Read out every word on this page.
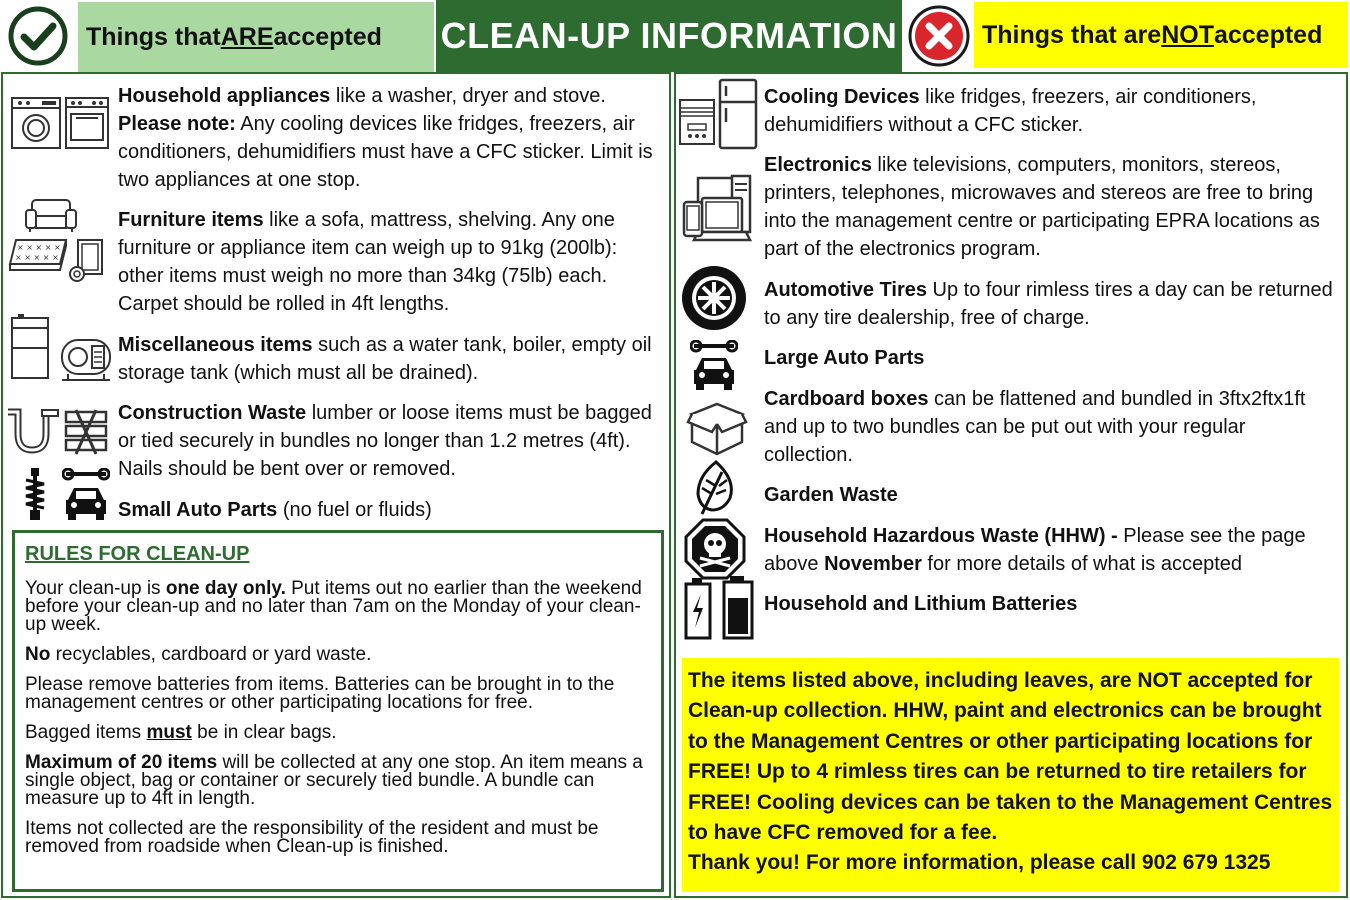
Things that ARE accepted CLEAN-UP INFORMATION	Things that are NOT accepted
Household appliances like a washer, dryer and stove. Please note: Any cooling devices like fridges, freezers, air conditioners, dehumidifiers must have a CFC sticker. Limit is two appliances at one stop.
× × × × ×
× × × × ×
Furniture items like a sofa, mattress, shelving. Any one furniture or appliance item can weigh up to 91kg (200lb): other items must weigh no more than 34kg (75lb) each. Carpet should be rolled in 4ft lengths.
Miscellaneous items such as a water tank, boiler, empty oil storage tank (which must all be drained).
Construction Waste lumber or loose items must be bagged or tied securely in bundles no longer than 1.2 metres (4ft). Nails should be bent over or removed.
Small Auto Parts (no fuel or fluids)
RULES FOR CLEAN-UP

Your clean-up is one day only. Put items out no earlier than the weekend before your clean-up and no later than 7am on the Monday of your clean-up week.

No recyclables, cardboard or yard waste.

Please remove batteries from items. Batteries can be brought in to the management centres or other participating locations for free.

Bagged items must be in clear bags.

Maximum of 20 items will be collected at any one stop. An item means a single object, bag or container or securely tied bundle. A bundle can measure up to 4ft in length.

Items not collected are the responsibility of the resident and must be removed from roadside when Clean-up is finished.

Cooling Devices like fridges, freezers, air conditioners, dehumidifiers without a CFC sticker.
Electronics like televisions, computers, monitors, stereos, printers, telephones, microwaves and stereos are free to bring into the management centre or participating EPRA locations as part of the electronics program.
Automotive Tires Up to four rimless tires a day can be returned to any tire dealership, free of charge.
Large Auto Parts
Cardboard boxes can be flattened and bundled in 3ftx2ftx1ft and up to two bundles can be put out with your regular collection.
Garden Waste
Household Hazardous Waste (HHW) - Please see the page above November for more details of what is accepted
Household and Lithium Batteries
The items listed above, including leaves, are NOT accepted for Clean-up collection. HHW, paint and electronics can be brought to the Management Centres or other participating locations for FREE! Up to 4 rimless tires can be returned to tire retailers for FREE! Cooling devices can be taken to the Management Centres to have CFC removed for a fee.
Thank you! For more information, please call 902 679 1325
